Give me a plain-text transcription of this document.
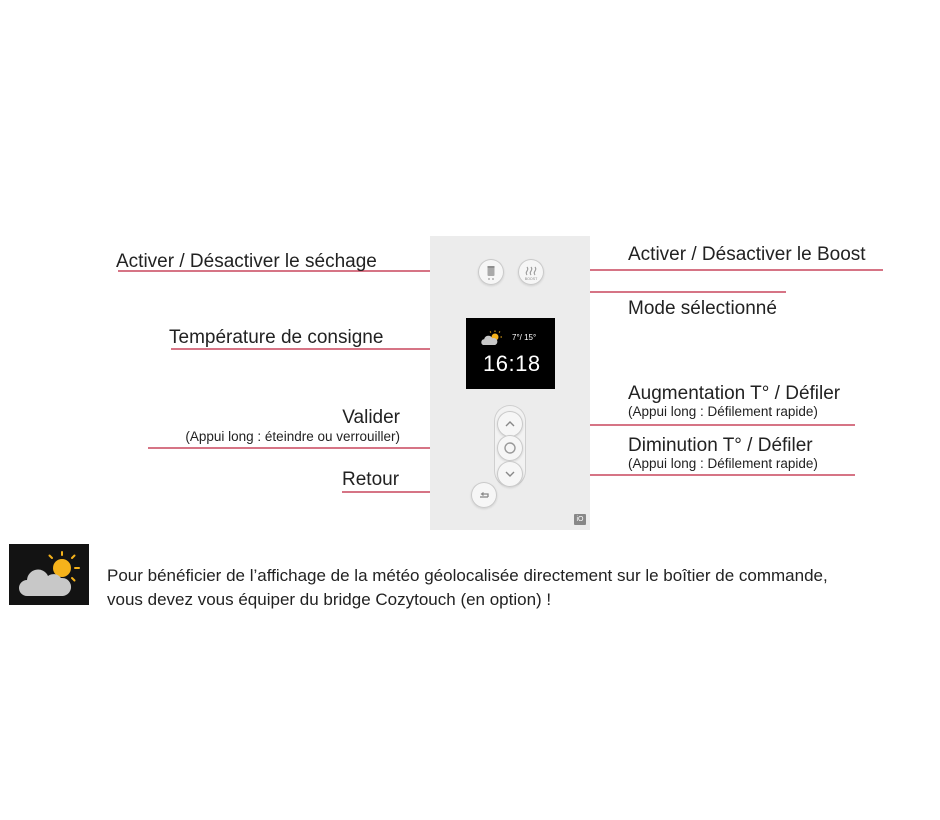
Activer / Désactiver le séchage	Activer / Désactiver le Boost
Mode sélectionné
Température de consigne
Valider
(Appui long : éteindre ou verrouiller)
Augmentation T° / Défiler
(Appui long : Défilement rapide)
Diminution T° / Défiler
(Appui long : Défilement rapide)
Retour
BOOST
7°/ 15°
16:18
iO
Pour bénéficier de l’affichage de la météo géolocalisée directement sur le boîtier de commande,
vous devez vous équiper du bridge Cozytouch (en option) !
